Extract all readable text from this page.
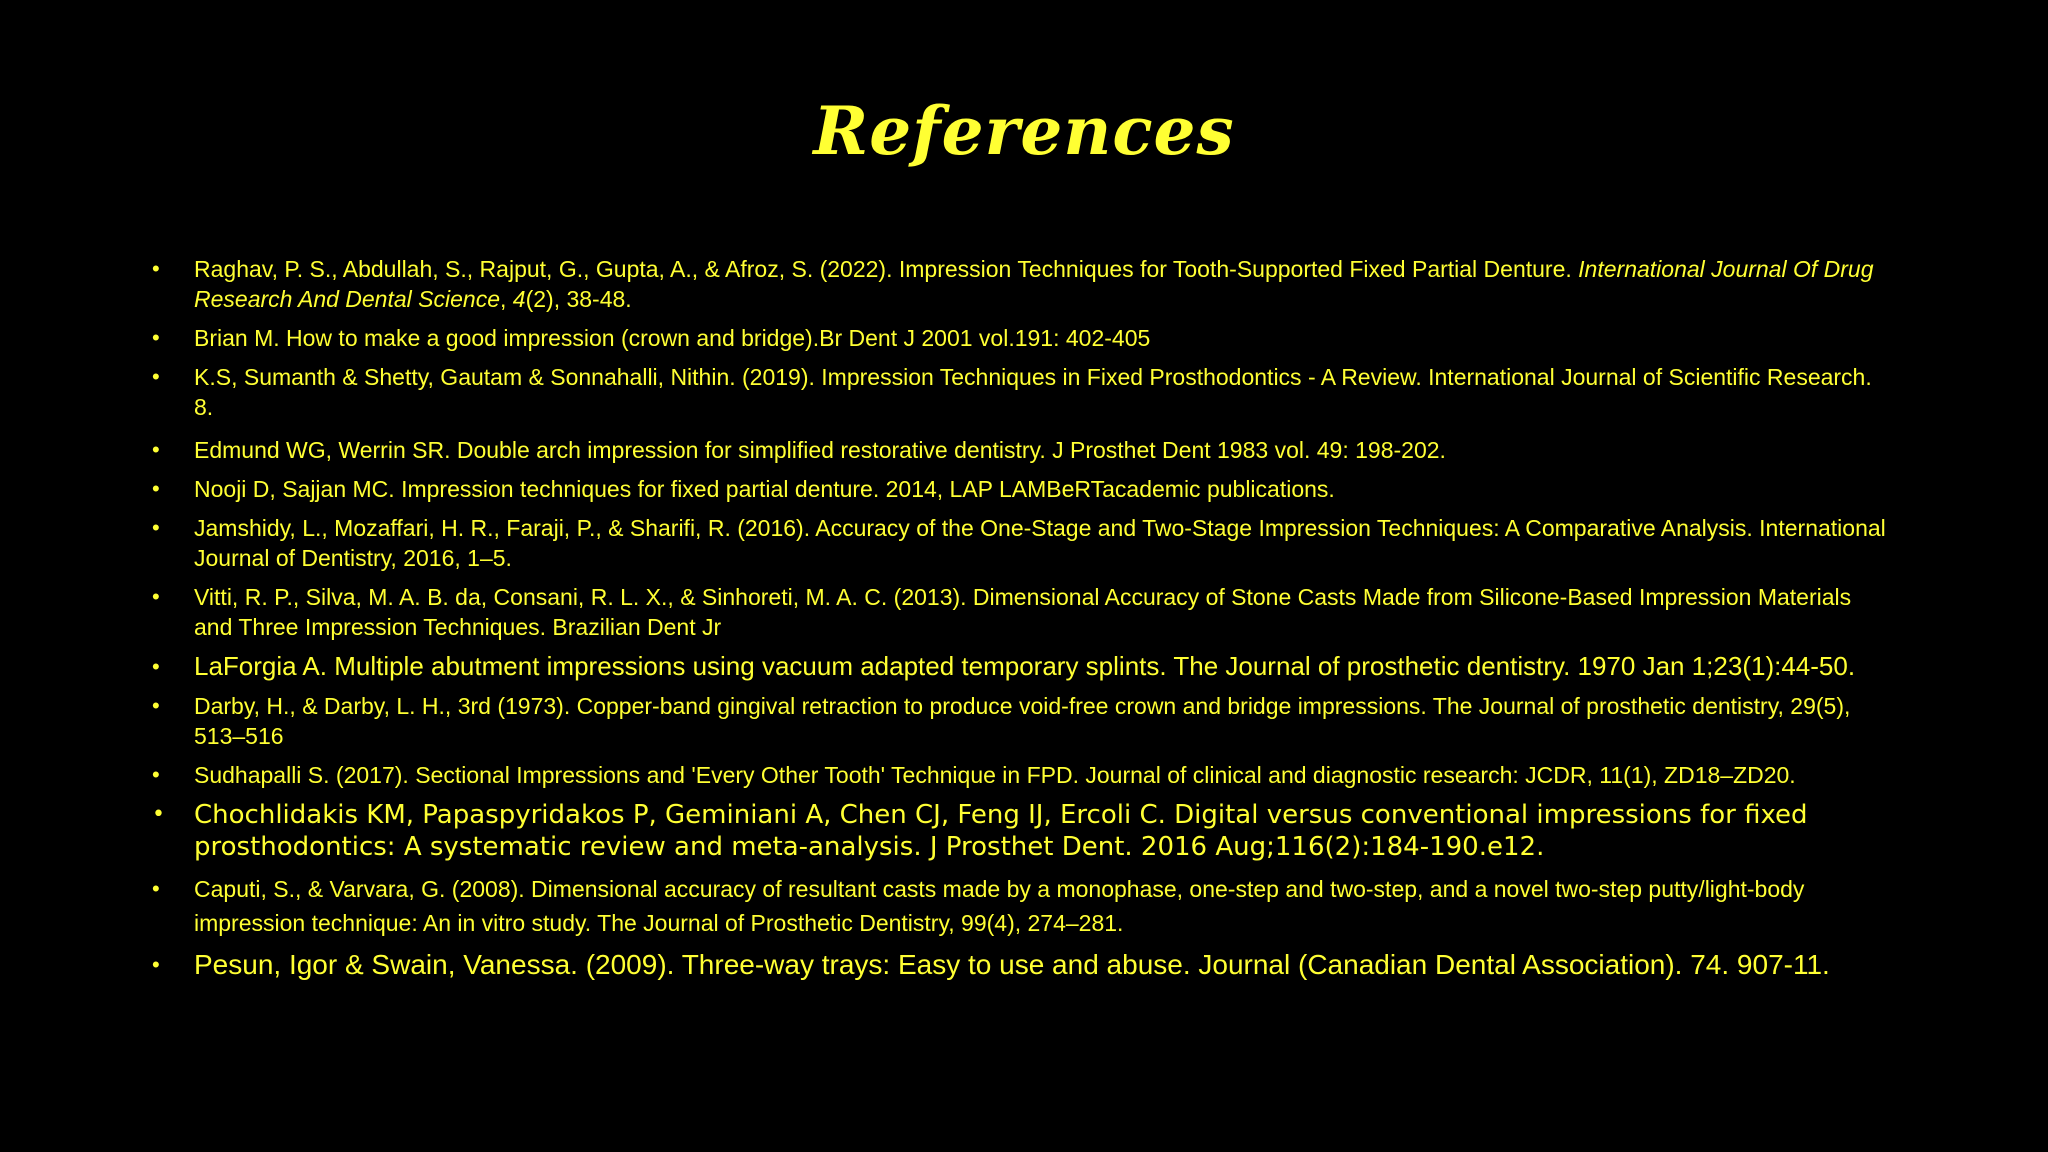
References
•	Raghav, P. S., Abdullah, S., Rajput, G., Gupta, A., & Afroz, S. (2022). Impression Techniques for Tooth-Supported Fixed Partial Denture. International Journal Of Drug Research And Dental Science, 4(2), 38-48.
•	Brian M. How to make a good impression (crown and bridge).Br Dent J 2001 vol.191: 402-405
•	K.S, Sumanth & Shetty, Gautam & Sonnahalli, Nithin. (2019). Impression Techniques in Fixed Prosthodontics - A Review. International Journal of Scientific Research. 8.
•	Edmund WG, Werrin SR. Double arch impression for simplified restorative dentistry. J Prosthet Dent 1983 vol. 49: 198-202.
•	Nooji D, Sajjan MC. Impression techniques for fixed partial denture. 2014, LAP LAMBeRTacademic publications.
•	Jamshidy, L., Mozaffari, H. R., Faraji, P., & Sharifi, R. (2016). Accuracy of the One-Stage and Two-Stage Impression Techniques: A Comparative Analysis. International Journal of Dentistry, 2016, 1–5.
•	Vitti, R. P., Silva, M. A. B. da, Consani, R. L. X., & Sinhoreti, M. A. C. (2013). Dimensional Accuracy of Stone Casts Made from Silicone-Based Impression Materials and Three Impression Techniques. Brazilian Dent Jr
•	LaForgia A. Multiple abutment impressions using vacuum adapted temporary splints. The Journal of prosthetic dentistry. 1970 Jan 1;23(1):44-50.
•	Darby, H., & Darby, L. H., 3rd (1973). Copper-band gingival retraction to produce void-free crown and bridge impressions. The Journal of prosthetic dentistry, 29(5), 513–516
•	Sudhapalli S. (2017). Sectional Impressions and 'Every Other Tooth' Technique in FPD. Journal of clinical and diagnostic research: JCDR, 11(1), ZD18–ZD20.
• Chochlidakis KM, Papaspyridakos P, Geminiani A, Chen CJ, Feng IJ, Ercoli C. Digital versus conventional impressions for fixed prosthodontics: A systematic review and meta-analysis. J Prosthet Dent. 2016 Aug;116(2):184-190.e12.
•	Caputi, S., & Varvara, G. (2008). Dimensional accuracy of resultant casts made by a monophase, one-step and two-step, and a novel two-step putty/light-body impression technique: An in vitro study. The Journal of Prosthetic Dentistry, 99(4), 274–281.
•	Pesun, Igor & Swain, Vanessa. (2009). Three-way trays: Easy to use and abuse. Journal (Canadian Dental Association). 74. 907-11.
